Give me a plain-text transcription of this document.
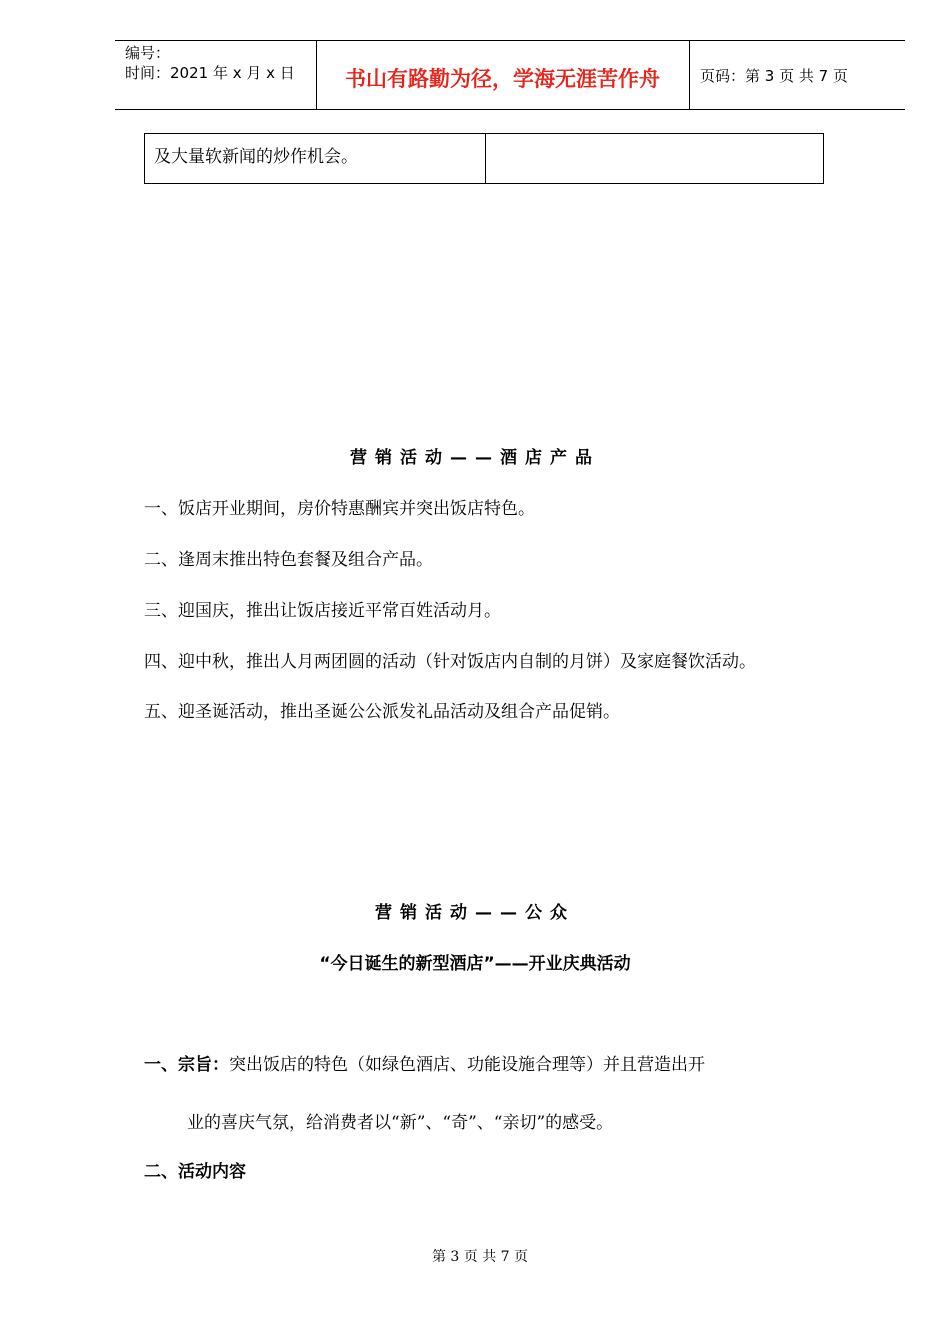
编号：
时间：2021 年 x 月 x 日	书山有路勤为径，学海无涯苦作舟	页码：第 3 页 共 7 页
及大量软新闻的炒作机会。
营销活动——酒店产品
一、饭店开业期间，房价特惠酬宾并突出饭店特色。
二、逢周末推出特色套餐及组合产品。
三、迎国庆，推出让饭店接近平常百姓活动月。
四、迎中秋，推出人月两团圆的活动（针对饭店内自制的月饼）及家庭餐饮活动。
五、迎圣诞活动，推出圣诞公公派发礼品活动及组合产品促销。
营销活动——公众
“今日诞生的新型酒店”——开业庆典活动
一、宗旨：突出饭店的特色（如绿色酒店、功能设施合理等）并且营造出开
业的喜庆气氛，给消费者以“新”、“奇”、“亲切”的感受。
二、活动内容
第 3 页 共 7 页
